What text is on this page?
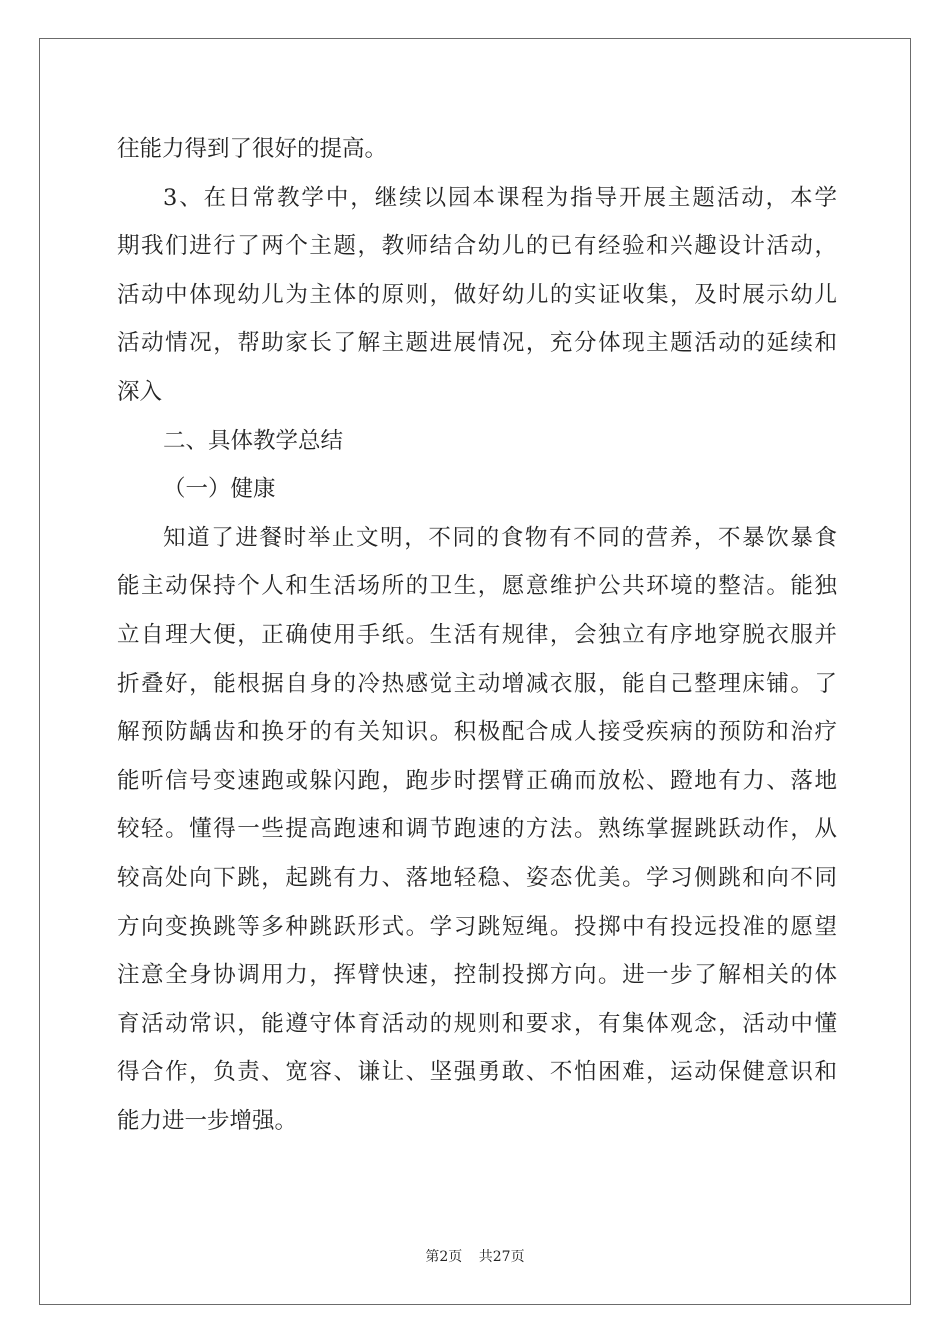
往能力得到了很好的提高。
3、在日常教学中，继续以园本课程为指导开展主题活动，本学
期我们进行了两个主题，教师结合幼儿的已有经验和兴趣设计活动，
活动中体现幼儿为主体的原则，做好幼儿的实证收集，及时展示幼儿
活动情况，帮助家长了解主题进展情况，充分体现主题活动的延续和
深入
二、具体教学总结
（一）健康
知道了进餐时举止文明，不同的食物有不同的营养，不暴饮暴食
能主动保持个人和生活场所的卫生，愿意维护公共环境的整洁。能独
立自理大便，正确使用手纸。生活有规律，会独立有序地穿脱衣服并
折叠好，能根据自身的冷热感觉主动增减衣服，能自己整理床铺。了
解预防龋齿和换牙的有关知识。积极配合成人接受疾病的预防和治疗
能听信号变速跑或躲闪跑，跑步时摆臂正确而放松、蹬地有力、落地
较轻。懂得一些提高跑速和调节跑速的方法。熟练掌握跳跃动作，从
较高处向下跳，起跳有力、落地轻稳、姿态优美。学习侧跳和向不同
方向变换跳等多种跳跃形式。学习跳短绳。投掷中有投远投准的愿望
注意全身协调用力，挥臂快速，控制投掷方向。进一步了解相关的体
育活动常识，能遵守体育活动的规则和要求，有集体观念，活动中懂
得合作，负责、宽容、谦让、坚强勇敢、不怕困难，运动保健意识和
能力进一步增强。
第2页 共27页
